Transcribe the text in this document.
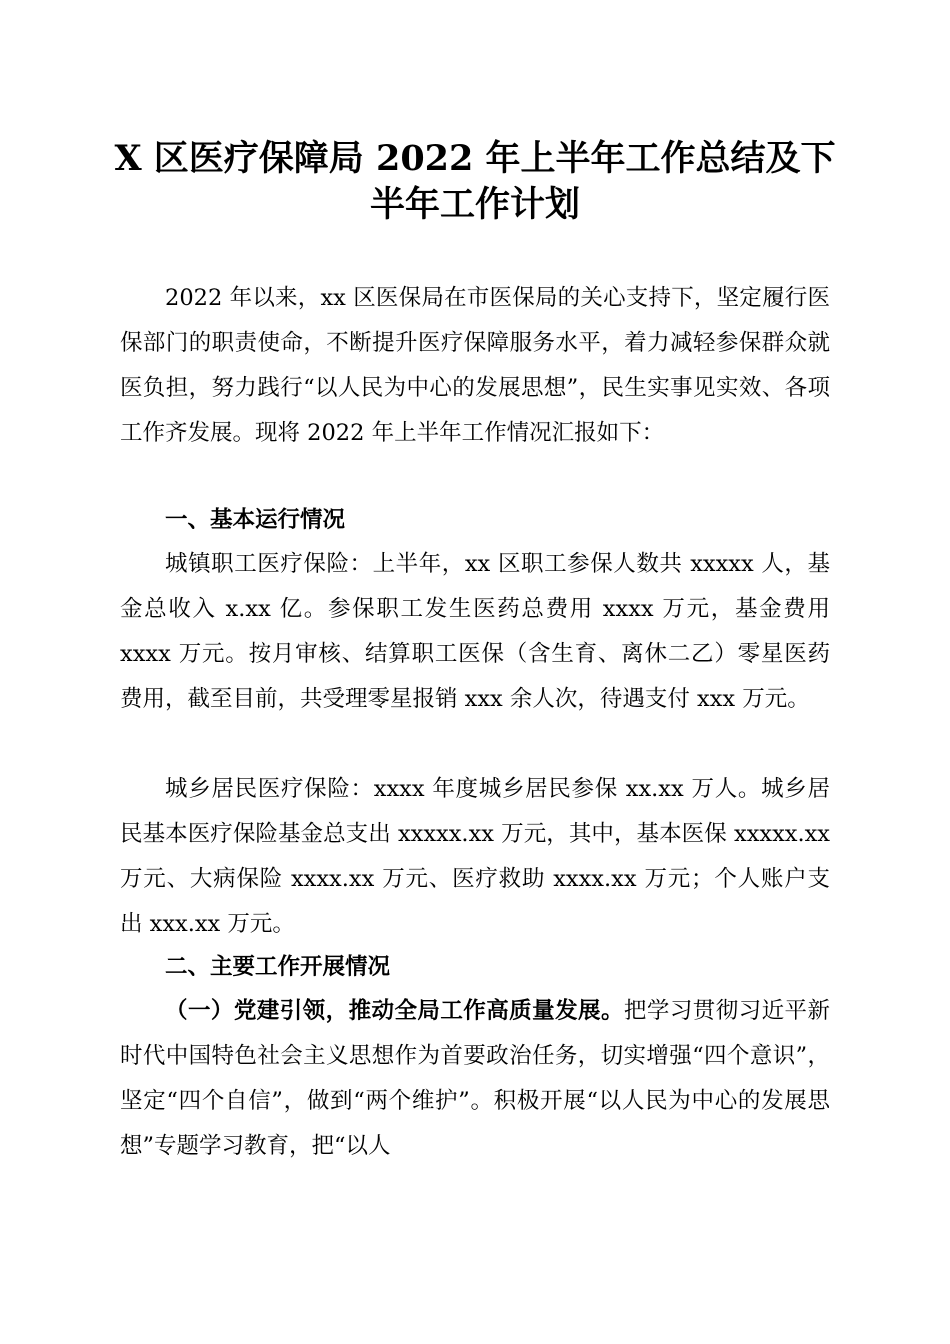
X 区医疗保障局 2022 年上半年工作总结及下
半年工作计划

2022 年以来，xx 区医保局在市医保局的关心支持下，坚定履行医保部门的职责使命，不断提升医疗保障服务水平，着力减轻参保群众就医负担，努力践行“以人民为中心的发展思想”，民生实事见实效、各项工作齐发展。现将 2022 年上半年工作情况汇报如下：

一、基本运行情况

城镇职工医疗保险：上半年，xx 区职工参保人数共 xxxxx 人，基金总收入 x.xx 亿。参保职工发生医药总费用 xxxx 万元，基金费用 xxxx 万元。按月审核、结算职工医保（含生育、离休二乙）零星医药费用，截至目前，共受理零星报销 xxx 余人次，待遇支付 xxx 万元。

城乡居民医疗保险：xxxx 年度城乡居民参保 xx.xx 万人。城乡居民基本医疗保险基金总支出 xxxxx.xx 万元，其中，基本医保 xxxxx.xx 万元、大病保险 xxxx.xx 万元、医疗救助 xxxx.xx 万元；个人账户支出 xxx.xx 万元。

二、主要工作开展情况

（一）党建引领，推动全局工作高质量发展。把学习贯彻习近平新时代中国特色社会主义思想作为首要政治任务，切实增强“四个意识”，坚定“四个自信”，做到“两个维护”。积极开展“以人民为中心的发展思想”专题学习教育，把“以人
